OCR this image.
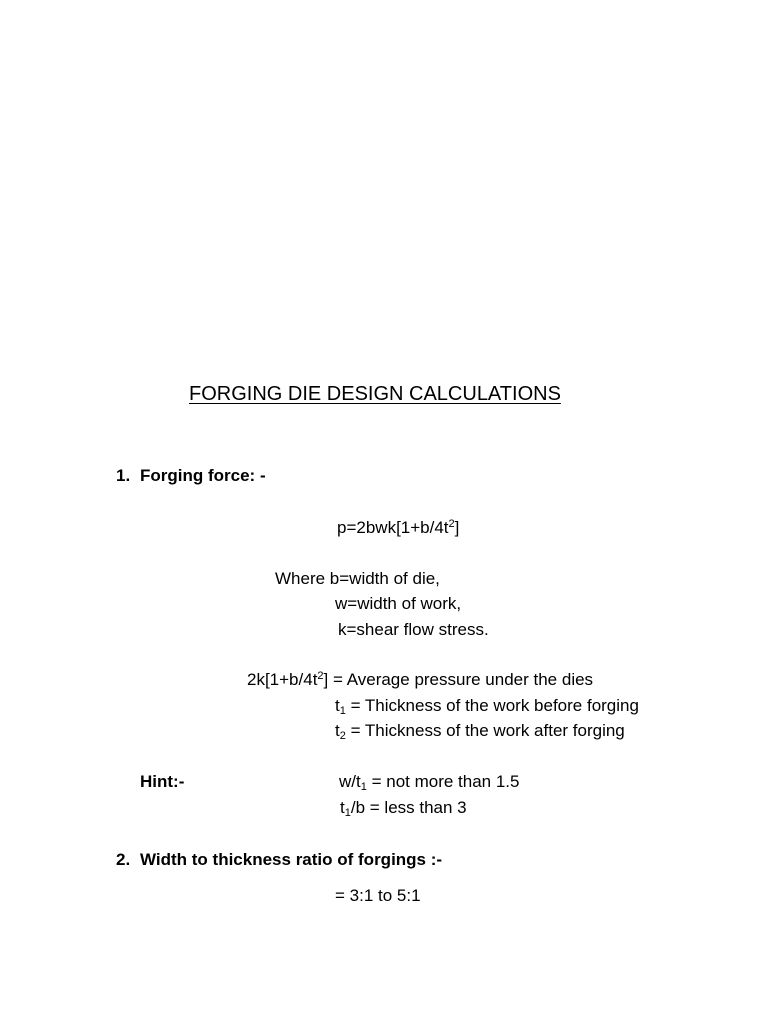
FORGING DIE DESIGN CALCULATIONS
1. Forging force: -
$p=2bwk[1+b/4t^2]$
Where b=width of die,
w=width of work,
k=shear flow stress.
$2k[1+b/4t^2]$ = Average pressure under the dies
$t_1$ = Thickness of the work before forging
$t_2$ = Thickness of the work after forging
Hint:-	$w/t_1$ = not more than 1.5
$t_1/b$ = less than 3
2. Width to thickness ratio of forgings :-
= 3:1 to 5:1
